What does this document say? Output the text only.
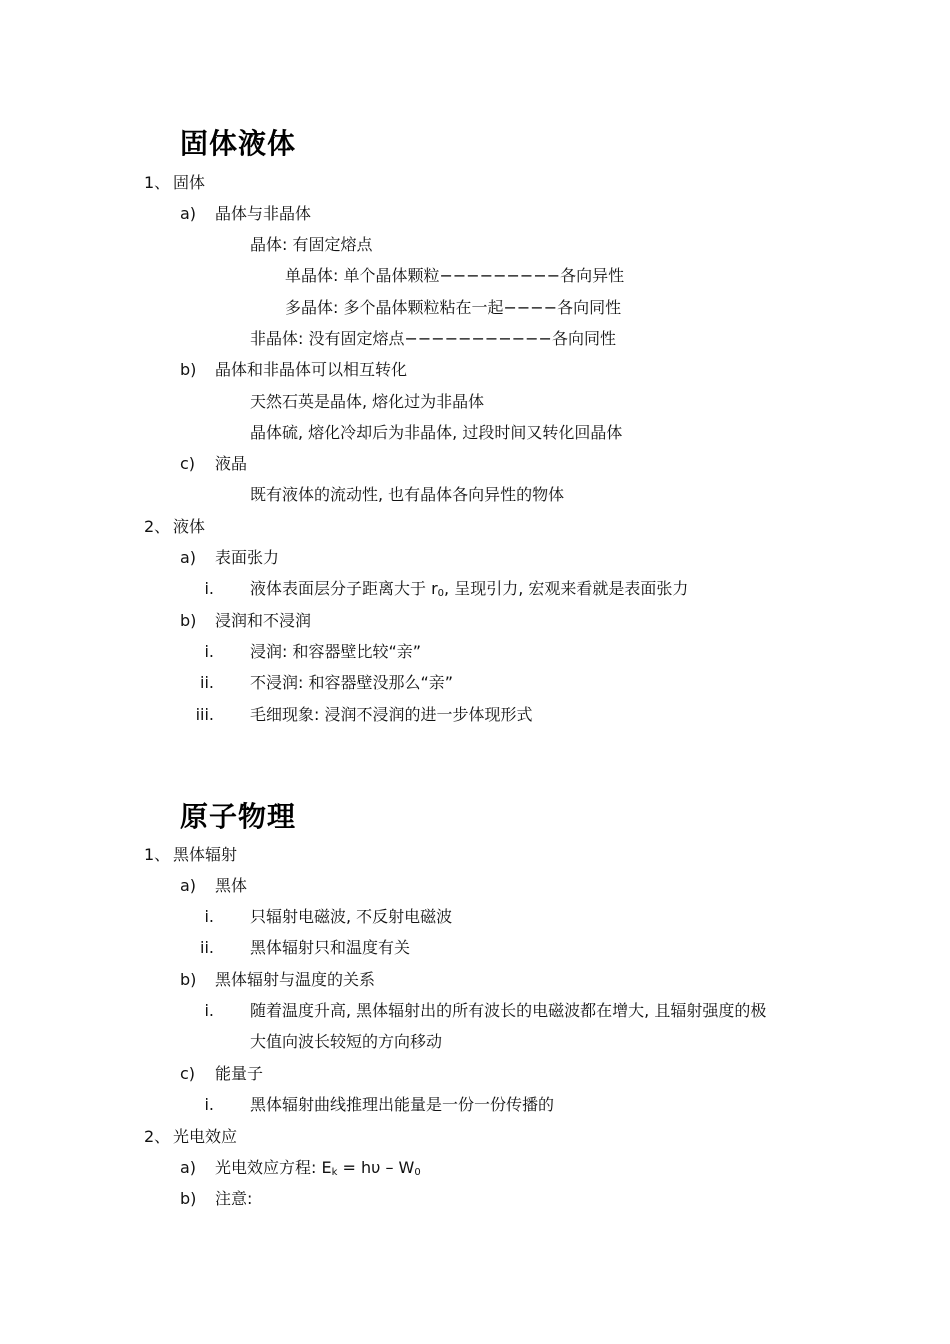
固体液体
1、 固体
a) 晶体与非晶体
晶体: 有固定熔点
单晶体: 单个晶体颗粒−−−−−−−−−各向异性
多晶体: 多个晶体颗粒粘在一起−−−−各向同性
非晶体: 没有固定熔点−−−−−−−−−−−各向同性
b) 晶体和非晶体可以相互转化
天然石英是晶体, 熔化过为非晶体
晶体硫, 熔化冷却后为非晶体, 过段时间又转化回晶体
c) 液晶
既有液体的流动性, 也有晶体各向异性的物体
2、 液体
a) 表面张力
i. 液体表面层分子距离大于 $r_0$, 呈现引力, 宏观来看就是表面张力
b) 浸润和不浸润
i. 浸润: 和容器壁比较“亲”
ii. 不浸润: 和容器壁没那么“亲”
iii. 毛细现象: 浸润不浸润的进一步体现形式
原子物理
1、 黑体辐射
a) 黑体
i. 只辐射电磁波, 不反射电磁波
ii. 黑体辐射只和温度有关
b) 黑体辐射与温度的关系
i. 随着温度升高, 黑体辐射出的所有波长的电磁波都在增大, 且辐射强度的极
大值向波长较短的方向移动
c) 能量子
i. 黑体辐射曲线推理出能量是一份一份传播的
2、 光电效应
a) 光电效应方程: $E_k = h\upsilon - W_0$
b) 注意:
